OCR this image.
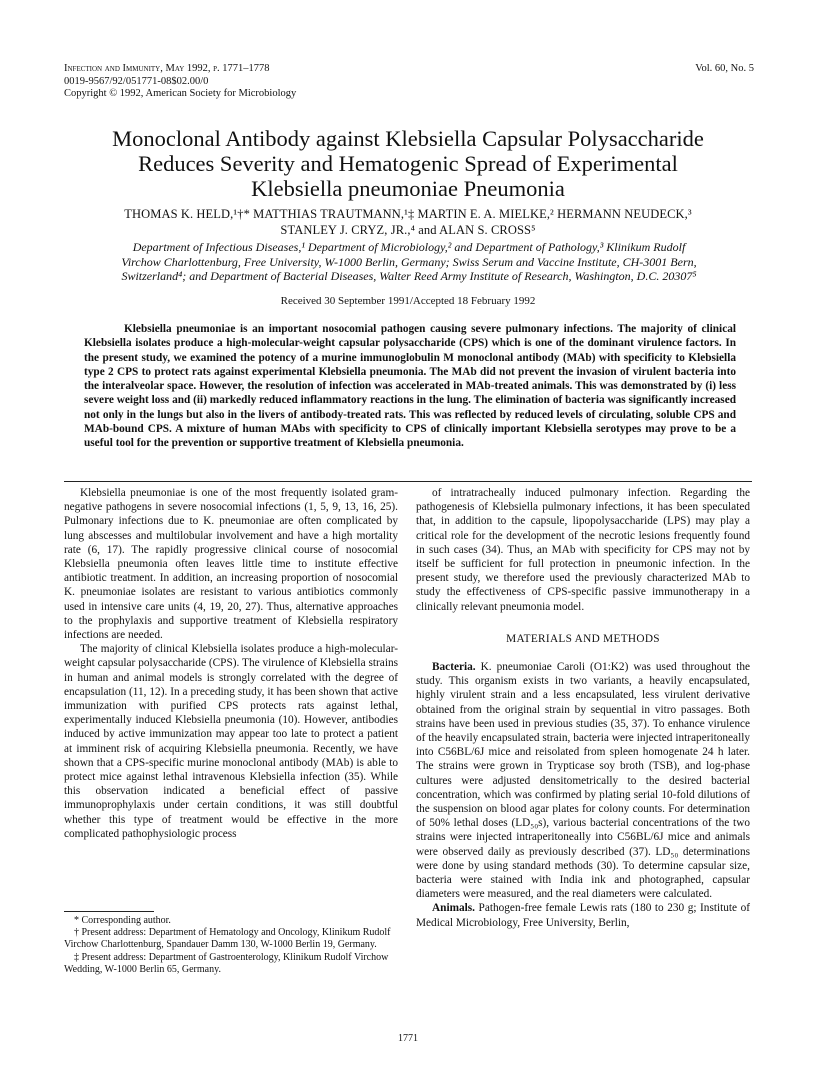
Infection and Immunity, May 1992, p. 1771–1778
0019-9567/92/051771-08$02.00/0
Copyright © 1992, American Society for Microbiology
Vol. 60, No. 5
Monoclonal Antibody against Klebsiella Capsular Polysaccharide
Reduces Severity and Hematogenic Spread of Experimental
Klebsiella pneumoniae Pneumonia
THOMAS K. HELD,¹†* MATTHIAS TRAUTMANN,¹‡ MARTIN E. A. MIELKE,² HERMANN NEUDECK,³
STANLEY J. CRYZ, JR.,⁴ and ALAN S. CROSS⁵
Department of Infectious Diseases,¹ Department of Microbiology,² and Department of Pathology,³ Klinikum Rudolf
Virchow Charlottenburg, Free University, W-1000 Berlin, Germany; Swiss Serum and Vaccine Institute, CH-3001 Bern,
Switzerland⁴; and Department of Bacterial Diseases, Walter Reed Army Institute of Research, Washington, D.C. 20307⁵
Received 30 September 1991/Accepted 18 February 1992
Klebsiella pneumoniae is an important nosocomial pathogen causing severe pulmonary infections. The majority of clinical Klebsiella isolates produce a high-molecular-weight capsular polysaccharide (CPS) which is one of the dominant virulence factors. In the present study, we examined the potency of a murine immunoglobulin M monoclonal antibody (MAb) with specificity to Klebsiella type 2 CPS to protect rats against experimental Klebsiella pneumonia. The MAb did not prevent the invasion of virulent bacteria into the interalveolar space. However, the resolution of infection was accelerated in MAb-treated animals. This was demonstrated by (i) less severe weight loss and (ii) markedly reduced inflammatory reactions in the lung. The elimination of bacteria was significantly increased not only in the lungs but also in the livers of antibody-treated rats. This was reflected by reduced levels of circulating, soluble CPS and MAb-bound CPS. A mixture of human MAbs with specificity to CPS of clinically important Klebsiella serotypes may prove to be a useful tool for the prevention or supportive treatment of Klebsiella pneumonia.

Klebsiella pneumoniae is one of the most frequently isolated gram-negative pathogens in severe nosocomial infections (1, 5, 9, 13, 16, 25). Pulmonary infections due to K. pneumoniae are often complicated by lung abscesses and multilobular involvement and have a high mortality rate (6, 17). The rapidly progressive clinical course of nosocomial Klebsiella pneumonia often leaves little time to institute effective antibiotic treatment. In addition, an increasing proportion of nosocomial K. pneumoniae isolates are resistant to various antibiotics commonly used in intensive care units (4, 19, 20, 27). Thus, alternative approaches to the prophylaxis and supportive treatment of Klebsiella respiratory infections are needed.

The majority of clinical Klebsiella isolates produce a high-molecular-weight capsular polysaccharide (CPS). The virulence of Klebsiella strains in human and animal models is strongly correlated with the degree of encapsulation (11, 12). In a preceding study, it has been shown that active immunization with purified CPS protects rats against lethal, experimentally induced Klebsiella pneumonia (10). However, antibodies induced by active immunization may appear too late to protect a patient at imminent risk of acquiring Klebsiella pneumonia. Recently, we have shown that a CPS-specific murine monoclonal antibody (MAb) is able to protect mice against lethal intravenous Klebsiella infection (35). While this observation indicated a beneficial effect of passive immunoprophylaxis under certain conditions, it was still doubtful whether this type of treatment would be effective in the more complicated pathophysiologic process

of intratracheally induced pulmonary infection. Regarding the pathogenesis of Klebsiella pulmonary infections, it has been speculated that, in addition to the capsule, lipopolysaccharide (LPS) may play a critical role for the development of the necrotic lesions frequently found in such cases (34). Thus, an MAb with specificity for CPS may not by itself be sufficient for full protection in pneumonic infection. In the present study, we therefore used the previously characterized MAb to study the effectiveness of CPS-specific passive immunotherapy in a clinically relevant pneumonia model.

MATERIALS AND METHODS

Bacteria. K. pneumoniae Caroli (O1:K2) was used throughout the study. This organism exists in two variants, a heavily encapsulated, highly virulent strain and a less encapsulated, less virulent derivative obtained from the original strain by sequential in vitro passages. Both strains have been used in previous studies (35, 37). To enhance virulence of the heavily encapsulated strain, bacteria were injected intraperitoneally into C56BL/6J mice and reisolated from spleen homogenate 24 h later. The strains were grown in Trypticase soy broth (TSB), and log-phase cultures were adjusted densitometrically to the desired bacterial concentration, which was confirmed by plating serial 10-fold dilutions of the suspension on blood agar plates for colony counts. For determination of 50% lethal doses (LD₅₀s), various bacterial concentrations of the two strains were injected intraperitoneally into C56BL/6J mice and animals were observed daily as previously described (37). LD₅₀ determinations were done by using standard methods (30). To determine capsular size, bacteria were stained with India ink and photographed, capsular diameters were measured, and the real diameters were calculated.

Animals. Pathogen-free female Lewis rats (180 to 230 g; Institute of Medical Microbiology, Free University, Berlin,

* Corresponding author.

† Present address: Department of Hematology and Oncology, Klinikum Rudolf Virchow Charlottenburg, Spandauer Damm 130, W-1000 Berlin 19, Germany.

‡ Present address: Department of Gastroenterology, Klinikum Rudolf Virchow Wedding, W-1000 Berlin 65, Germany.

1771
